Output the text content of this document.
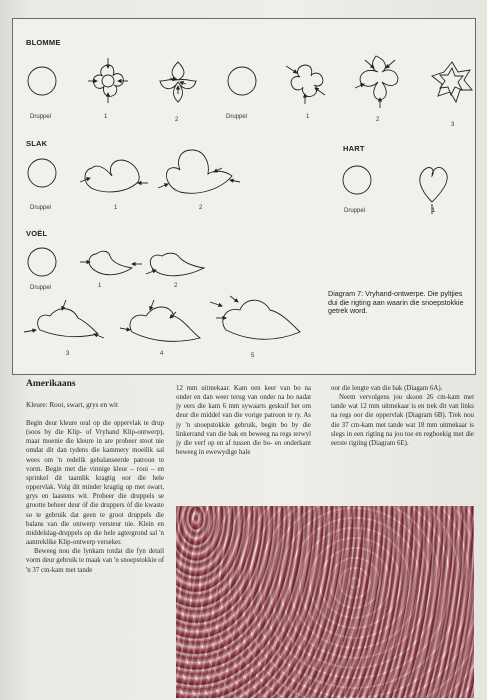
BLOMME
SLAK
HART
VOËL
Druppel	1	2	Druppel	1	2
3
Druppel	1	2	Druppel	1
Druppel	1	2
3	4	5
Diagram 7: Vryhand-ontwerpe. Die pyltjies dui die rigting aan waarin die snoepstokkie getrek word.
Amerikaans
Kleure: Rooi, swart, grys en wit

Begin deur kleure oral op die oppervlak te drup (soos by die Klip- of Vryhand Klip-ontwerp), maar moenie die kleure in are probeer stoot nie omdat dit dan tydens die kammery moeilik sal wees om 'n redelik gebalanseerde patroon te vorm. Begin met die vinnige kleur – rooi – en sprinkel dit taamlik kragtig oor die hele oppervlak. Volg dit minder kragtig op met swart, grys en laastens wit. Probeer die druppels se grootte beheer deur óf die druppers óf die kwaste so te gebruik dat geen te groot druppels die balans van die ontwerp versteur nie. Klein en middelslag-druppels op die hele agtergrond sal 'n aantreklike Klip-ontwerp verseker.

Beweeg nou die lynkam totdat die fyn detail vorm deur gebruik te maak van 'n snoepstokkie of 'n 37 cm-kam met tande

12 mm uitmekaar. Kam een keer van bo na onder en dan weer terug van onder na bo nadat jy eers die kam 6 mm sywaarts geskuif het om deur die middel van die vorige patroon te ry. As jy 'n snoepstokkie gebruik, begin bo by die linkerrand van die bak en beweeg na regs terwyl jy die verf op en af tussen die bo- en onderkant beweeg in ewewydige hale

oor die lengte van die bak (Diagam 6A).

Neem vervolgens jou skoon 26 cm-kam met tande wat 12 mm uitmekaar is en trek dit van links na regs oor die oppervlak (Diagram 6B). Trek nou die 37 cm-kam met tande wat 18 mm uitmekaar is slegs in een rigting na jou toe en reghoekig met die eerste rigting (Diagram 6E).
